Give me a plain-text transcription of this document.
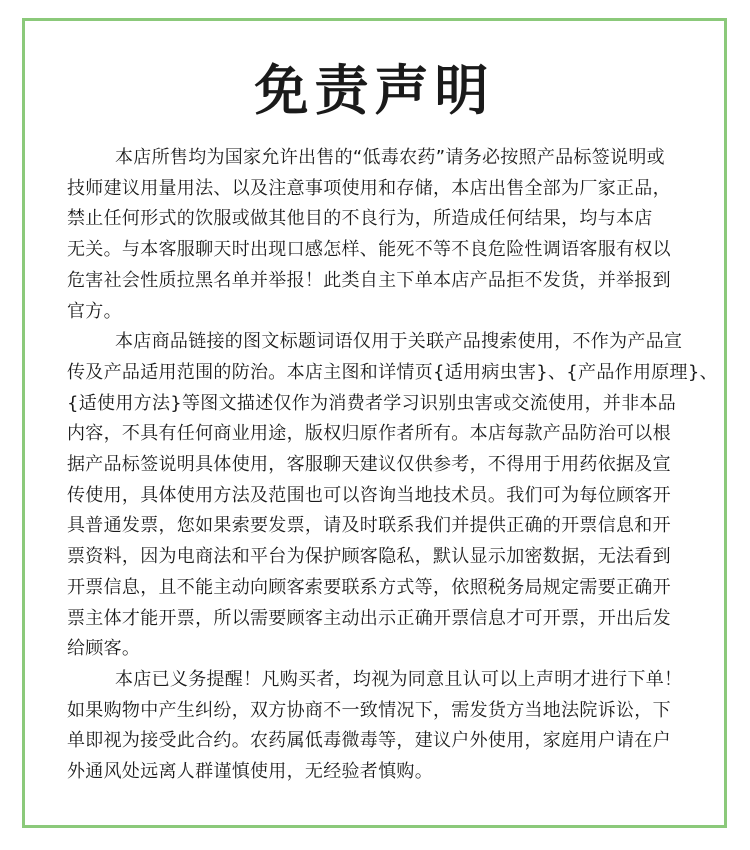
免责声明

本店所售均为国家允许出售的“低毒农药”请务必按照产品标签说明或
技师建议用量用法、以及注意事项使用和存储，本店出售全部为厂家正品，
禁止任何形式的饮服或做其他目的不良行为，所造成任何结果，均与本店
无关。与本客服聊天时出现口感怎样、能死不等不良危险性调语客服有权以
危害社会性质拉黑名单并举报！此类自主下单本店产品拒不发货，并举报到
官方。

本店商品链接的图文标题词语仅用于关联产品搜索使用，不作为产品宣
传及产品适用范围的防治。本店主图和详情页{适用病虫害}、{产品作用原理}、
{适使用方法}等图文描述仅作为消费者学习识别虫害或交流使用，并非本品
内容，不具有任何商业用途，版权归原作者所有。本店每款产品防治可以根
据产品标签说明具体使用，客服聊天建议仅供参考，不得用于用药依据及宣
传使用，具体使用方法及范围也可以咨询当地技术员。我们可为每位顾客开
具普通发票，您如果索要发票，请及时联系我们并提供正确的开票信息和开
票资料，因为电商法和平台为保护顾客隐私，默认显示加密数据，无法看到
开票信息，且不能主动向顾客索要联系方式等，依照税务局规定需要正确开
票主体才能开票，所以需要顾客主动出示正确开票信息才可开票，开出后发
给顾客。

本店已义务提醒！凡购买者，均视为同意且认可以上声明才进行下单！
如果购物中产生纠纷，双方协商不一致情况下，需发货方当地法院诉讼，下
单即视为接受此合约。农药属低毒微毒等，建议户外使用，家庭用户请在户
外通风处远离人群谨慎使用，无经验者慎购。
